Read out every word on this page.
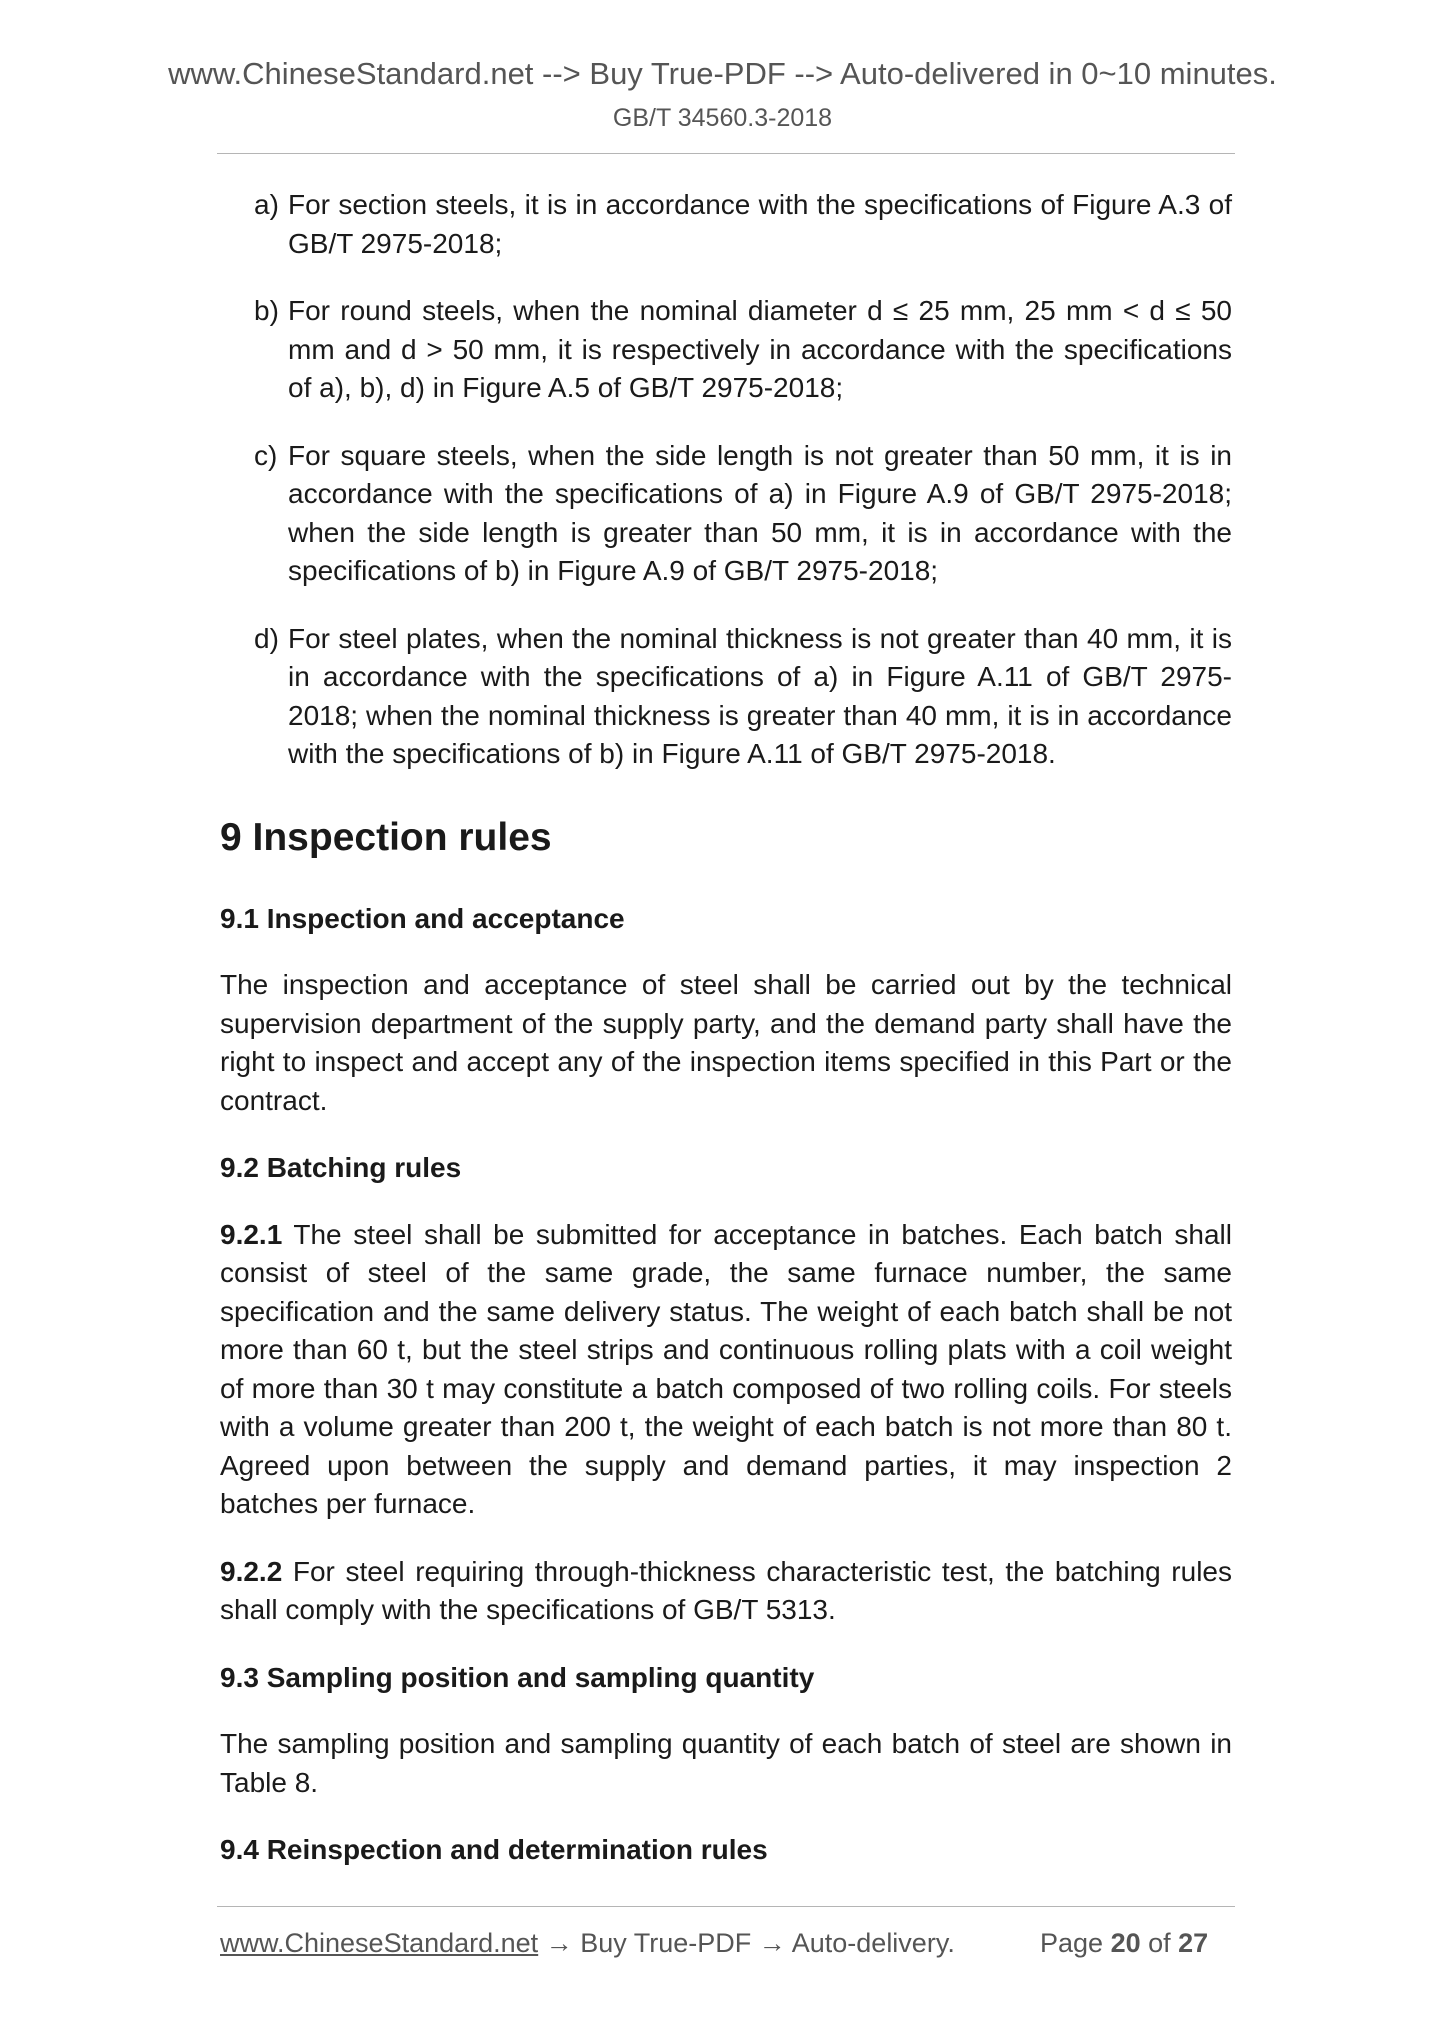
www.ChineseStandard.net --> Buy True-PDF --> Auto-delivered in 0~10 minutes.
GB/T 34560.3-2018
a) For section steels, it is in accordance with the specifications of Figure A.3 of GB/T 2975-2018;
b) For round steels, when the nominal diameter d ≤ 25 mm, 25 mm < d ≤ 50 mm and d > 50 mm, it is respectively in accordance with the specifications of a), b), d) in Figure A.5 of GB/T 2975-2018;
c) For square steels, when the side length is not greater than 50 mm, it is in accordance with the specifications of a) in Figure A.9 of GB/T 2975-2018; when the side length is greater than 50 mm, it is in accordance with the specifications of b) in Figure A.9 of GB/T 2975-2018;
d) For steel plates, when the nominal thickness is not greater than 40 mm, it is in accordance with the specifications of a) in Figure A.11 of GB/T 2975-2018; when the nominal thickness is greater than 40 mm, it is in accordance with the specifications of b) in Figure A.11 of GB/T 2975-2018.
9 Inspection rules
9.1 Inspection and acceptance
The inspection and acceptance of steel shall be carried out by the technical supervision department of the supply party, and the demand party shall have the right to inspect and accept any of the inspection items specified in this Part or the contract.
9.2 Batching rules
9.2.1 The steel shall be submitted for acceptance in batches. Each batch shall consist of steel of the same grade, the same furnace number, the same specification and the same delivery status. The weight of each batch shall be not more than 60 t, but the steel strips and continuous rolling plats with a coil weight of more than 30 t may constitute a batch composed of two rolling coils. For steels with a volume greater than 200 t, the weight of each batch is not more than 80 t. Agreed upon between the supply and demand parties, it may inspection 2 batches per furnace.
9.2.2 For steel requiring through-thickness characteristic test, the batching rules shall comply with the specifications of GB/T 5313.
9.3 Sampling position and sampling quantity
The sampling position and sampling quantity of each batch of steel are shown in Table 8.
9.4 Reinspection and determination rules
www.ChineseStandard.net → Buy True-PDF → Auto-delivery.	Page 20 of 27
